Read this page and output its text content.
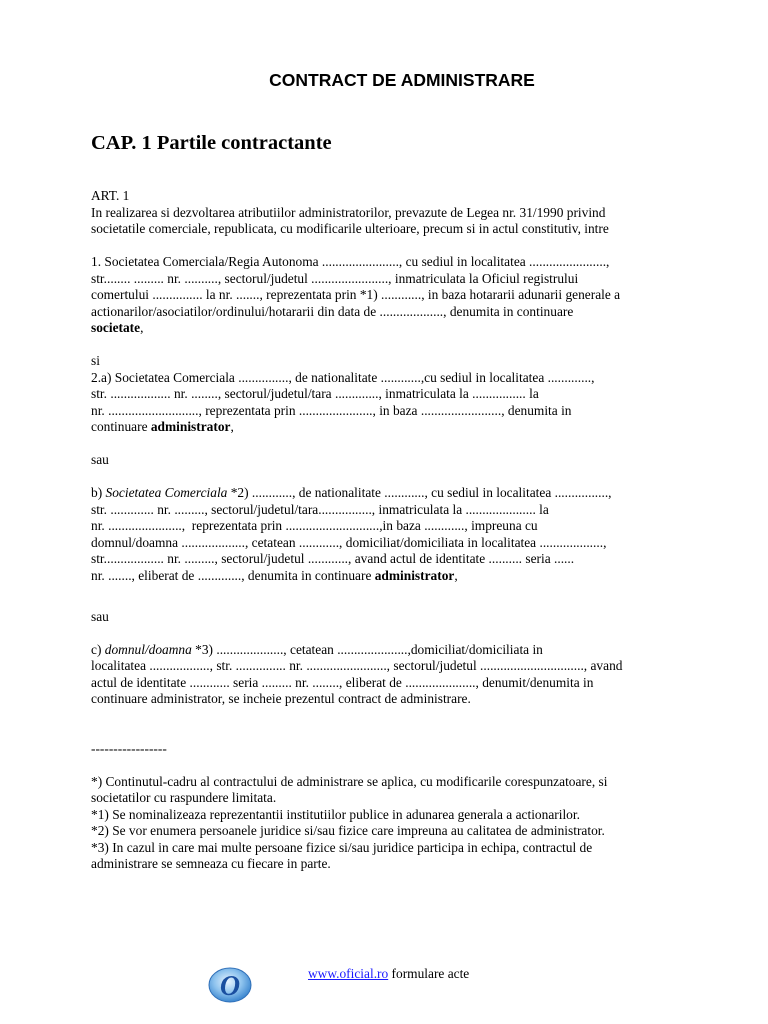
CONTRACT DE ADMINISTRARE
CAP. 1 Partile contractante
ART. 1
In realizarea si dezvoltarea atributiilor administratorilor, prevazute de Legea nr. 31/1990 privind
societatile comerciale, republicata, cu modificarile ulterioare, precum si in actul constitutiv, intre
1. Societatea Comerciala/Regia Autonoma ......................., cu sediul in localitatea .......................,
str........ ......... nr. .........., sectorul/judetul ......................., inmatriculata la Oficiul registrului
comertului ............... la nr. ......., reprezentata prin *1) ............, in baza hotararii adunarii generale a
actionarilor/asociatilor/ordinului/hotararii din data de ..................., denumita in continuare
societate,
si
2.a) Societatea Comerciala ..............., de nationalitate ............,cu sediul in localitatea .............,
str. .................. nr. ........, sectorul/judetul/tara ............., inmatriculata la ................ la
nr. ..........................., reprezentata prin ......................, in baza ........................, denumita in
continuare administrator,
sau
b) Societatea Comerciala *2) ............, de nationalitate ............, cu sediul in localitatea ................,
str. ............. nr. ........., sectorul/judetul/tara................, inmatriculata la ..................... la
nr. ......................,  reprezentata prin ............................,in baza ............, impreuna cu
domnul/doamna ..................., cetatean ............, domiciliat/domiciliata in localitatea ...................,
str.................. nr. ........., sectorul/judetul ............, avand actul de identitate .......... seria ......
nr. ......., eliberat de ............., denumita in continuare administrator,
sau
c) domnul/doamna *3) ...................., cetatean .....................,domiciliat/domiciliata in
localitatea .................., str. ............... nr. ........................, sectorul/judetul ..............................., avand
actul de identitate ............ seria ......... nr. ........, eliberat de ....................., denumit/denumita in
continuare administrator, se incheie prezentul contract de administrare.
-----------------
*) Continutul-cadru al contractului de administrare se aplica, cu modificarile corespunzatoare, si
societatilor cu raspundere limitata.
*1) Se nominalizeaza reprezentantii institutiilor publice in adunarea generala a actionarilor.
*2) Se vor enumera persoanele juridice si/sau fizice care impreuna au calitatea de administrator.
*3) In cazul in care mai multe persoane fizice si/sau juridice participa in echipa, contractul de
administrare se semneaza cu fiecare in parte.
O	www.oficial.ro formulare acte
